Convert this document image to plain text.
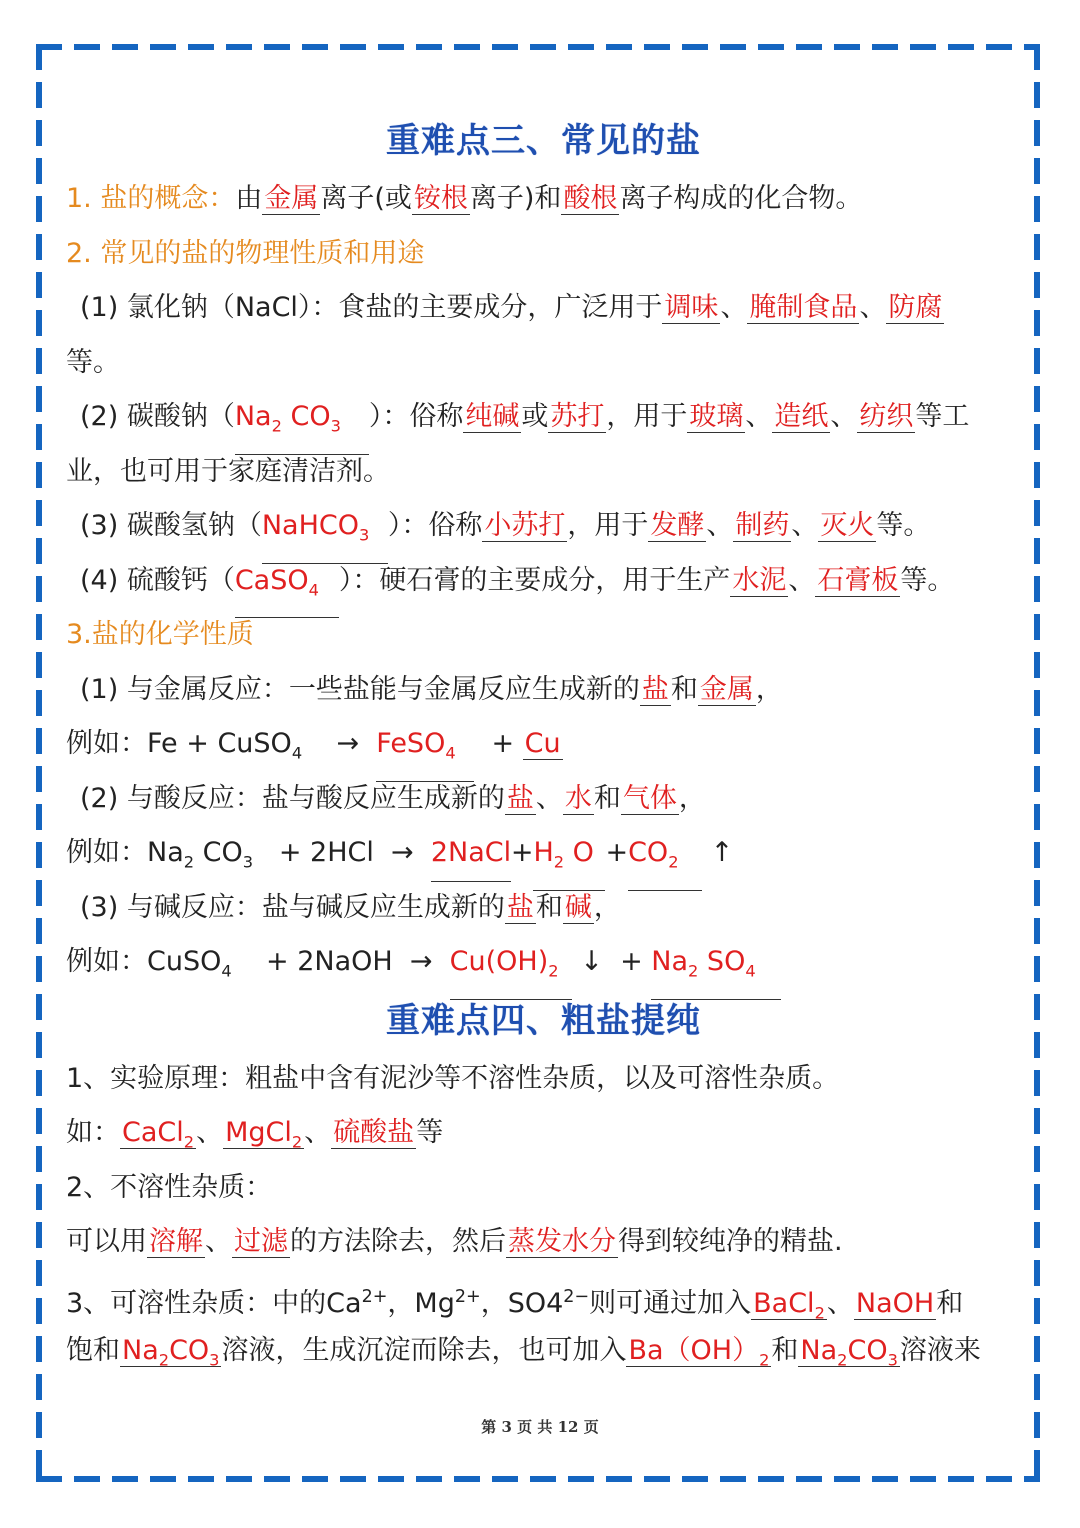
重难点三、常见的盐
1. 盐的概念：由金属离子(或铵根离子)和酸根离子构成的化合物。
2. 常见的盐的物理性质和用途
(1) 氯化钠（NaCl）：食盐的主要成分，广泛用于调味、腌制食品、防腐
等。
(2) 碳酸钠（$Na_2$ $CO_3$ ）：俗称纯碱或苏打，用于玻璃、造纸、纺织等工
业，也可用于家庭清洁剂。
(3) 碳酸氢钠（NaHCO$_3$ ）：俗称小苏打，用于发酵、制药、灭火等。
(4) 硫酸钙（CaSO$_4$ ）：硬石膏的主要成分，用于生产水泥、石膏板等。
3.盐的化学性质
(1) 与金属反应：一些盐能与金属反应生成新的盐和金属，
例如：Fe + CuSO$_4$ → FeSO$_4$ + Cu
(2) 与酸反应：盐与酸反应生成新的盐、水和气体，
例如：$Na_2$ $CO_3 + 2HCl$ → $2NaCl+H_2$ $O +CO_2$ ↑
(3) 与碱反应：盐与碱反应生成新的盐和碱，
例如：CuSO$_4$ + 2NaOH → $Cu(OH)_2$ ↓ + $Na_2$ $SO_4$
重难点四、粗盐提纯
1、实验原理：粗盐中含有泥沙等不溶性杂质，以及可溶性杂质。
如：CaCl$_2$、MgCl$_2$、硫酸盐等
2、不溶性杂质：
可以用溶解、过滤的方法除去，然后蒸发水分得到较纯净的精盐.
3、可溶性杂质：中的$Ca^{2+}$，$Mg^{2+}$，$SO4^{2-}$则可通过加入BaCl$_2$、NaOH和
饱和$Na_2CO_3$溶液，生成沉淀而除去，也可加入$Ba(OH)_2$和$Na_2CO_3$溶液来
第 3 页 共 12 页
